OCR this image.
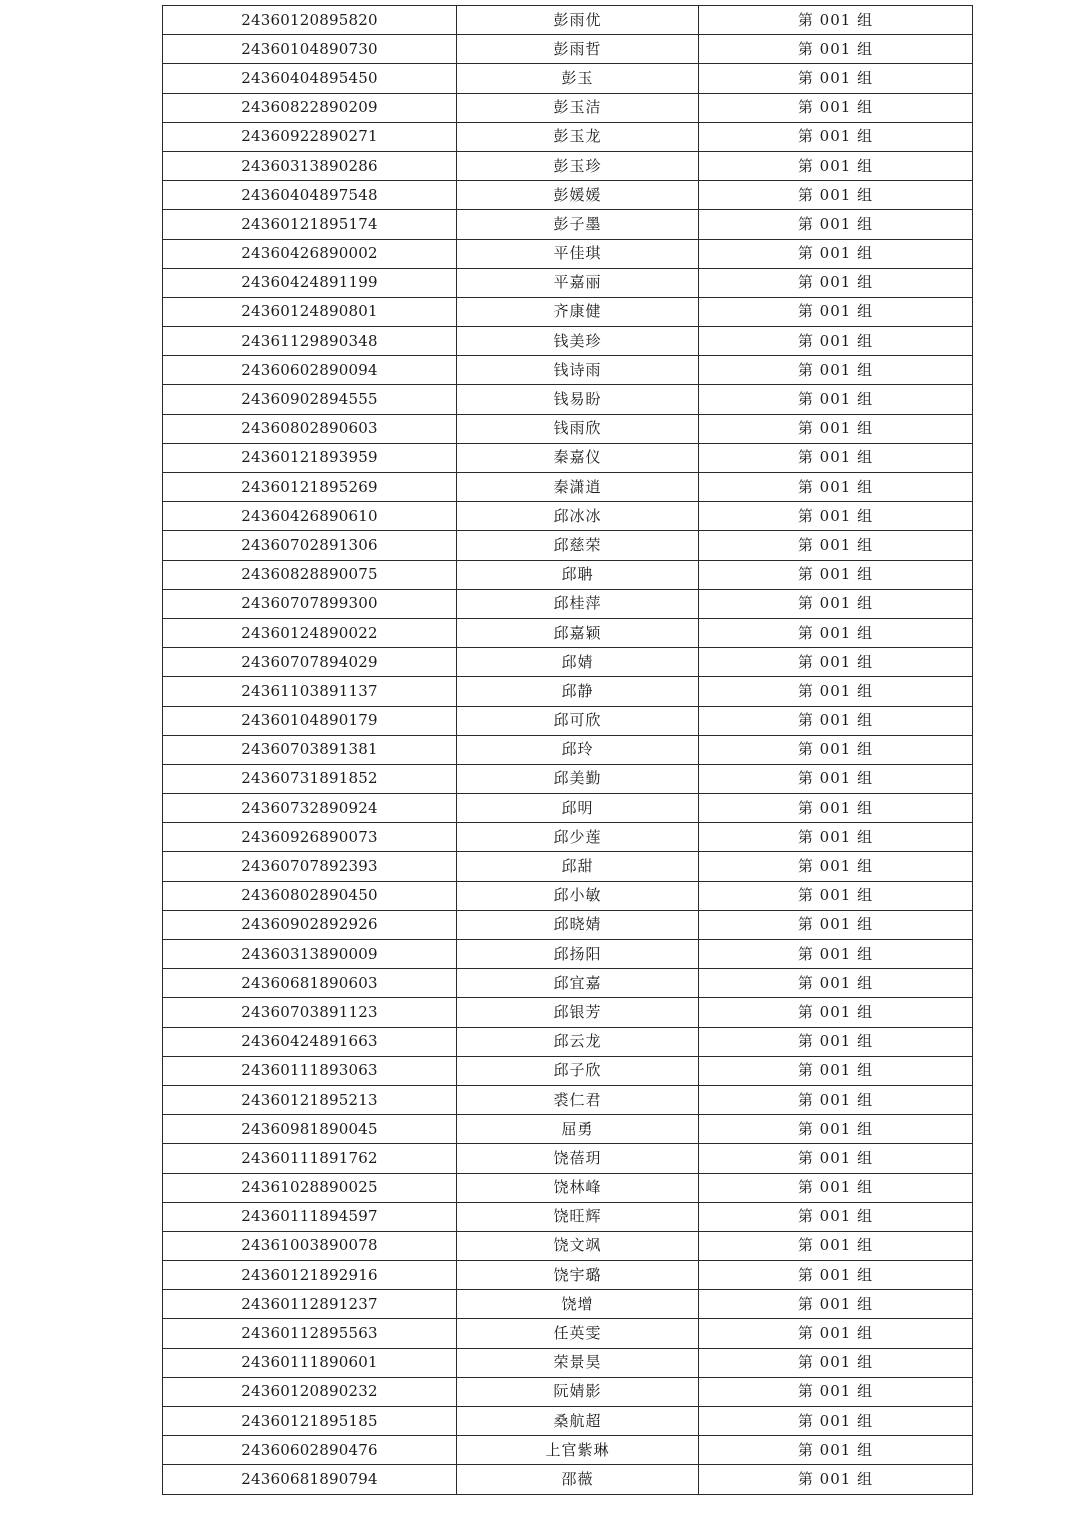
24360120895820	彭雨优	第 001 组
24360104890730	彭雨哲	第 001 组
24360404895450	彭玉	第 001 组
24360822890209	彭玉洁	第 001 组
24360922890271	彭玉龙	第 001 组
24360313890286	彭玉珍	第 001 组
24360404897548	彭媛媛	第 001 组
24360121895174	彭子墨	第 001 组
24360426890002	平佳琪	第 001 组
24360424891199	平嘉丽	第 001 组
24360124890801	齐康健	第 001 组
24361129890348	钱美珍	第 001 组
24360602890094	钱诗雨	第 001 组
24360902894555	钱易盼	第 001 组
24360802890603	钱雨欣	第 001 组
24360121893959	秦嘉仪	第 001 组
24360121895269	秦潇逍	第 001 组
24360426890610	邱冰冰	第 001 组
24360702891306	邱慈荣	第 001 组
24360828890075	邱聃	第 001 组
24360707899300	邱桂萍	第 001 组
24360124890022	邱嘉颖	第 001 组
24360707894029	邱婧	第 001 组
24361103891137	邱静	第 001 组
24360104890179	邱可欣	第 001 组
24360703891381	邱玲	第 001 组
24360731891852	邱美勤	第 001 组
24360732890924	邱明	第 001 组
24360926890073	邱少莲	第 001 组
24360707892393	邱甜	第 001 组
24360802890450	邱小敏	第 001 组
24360902892926	邱晓婧	第 001 组
24360313890009	邱扬阳	第 001 组
24360681890603	邱宜嘉	第 001 组
24360703891123	邱银芳	第 001 组
24360424891663	邱云龙	第 001 组
24360111893063	邱子欣	第 001 组
24360121895213	裘仁君	第 001 组
24360981890045	屈勇	第 001 组
24360111891762	饶蓓玥	第 001 组
24361028890025	饶林峰	第 001 组
24360111894597	饶旺辉	第 001 组
24361003890078	饶文飒	第 001 组
24360121892916	饶宇璐	第 001 组
24360112891237	饶增	第 001 组
24360112895563	任英雯	第 001 组
24360111890601	荣景昊	第 001 组
24360120890232	阮婧影	第 001 组
24360121895185	桑航超	第 001 组
24360602890476	上官紫琳	第 001 组
24360681890794	邵薇	第 001 组
